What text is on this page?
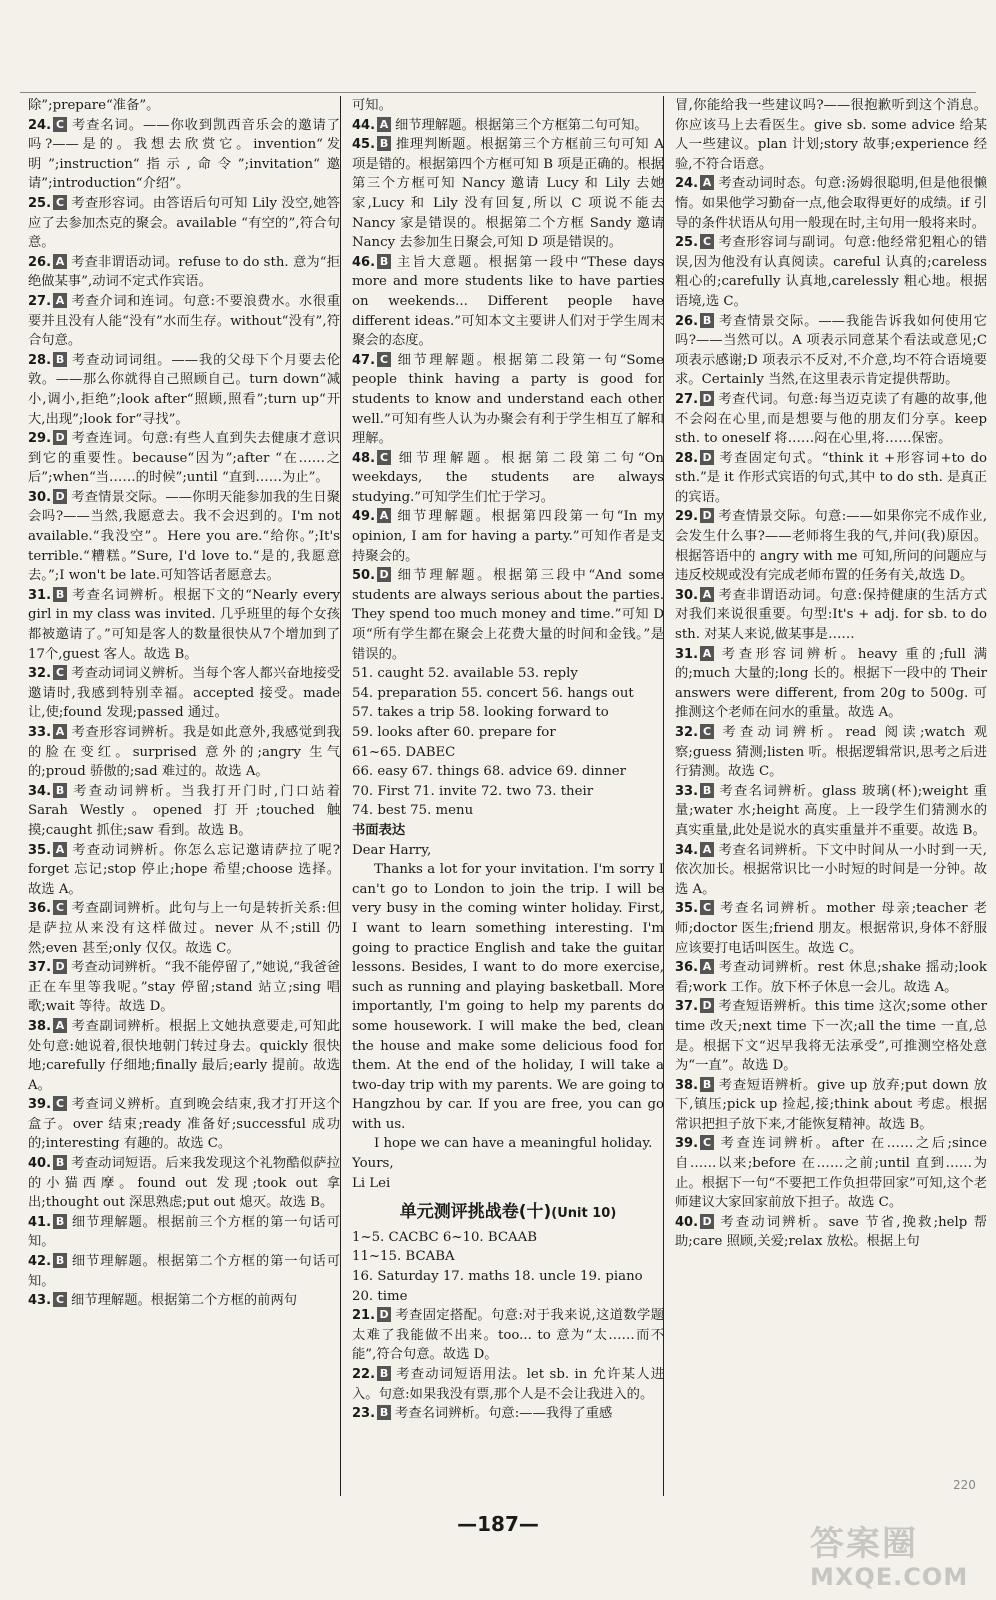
除”;prepare“准备”。

24. C 考查名词。——你收到凯西音乐会的邀请了吗?——是的。我想去欣赏它。invention“发明”;instruction“指示,命令”;invitation“邀请”;introduction“介绍”。

25. C 考查形容词。由答语后句可知 Lily 没空,她答应了去参加杰克的聚会。available “有空的”,符合句意。

26. A 考查非谓语动词。refuse to do sth. 意为“拒绝做某事”,动词不定式作宾语。

27. A 考查介词和连词。句意:不要浪费水。水很重要并且没有人能“没有”水而生存。without“没有”,符合句意。

28. B 考查动词词组。——我的父母下个月要去伦敦。——那么你就得自己照顾自己。turn down“减小,调小,拒绝”;look after“照顾,照看”;turn up“开大,出现”;look for“寻找”。

29. D 考查连词。句意:有些人直到失去健康才意识到它的重要性。because“因为”;after “在……之后”;when“当……的时候”;until “直到……为止”。

30. D 考查情景交际。——你明天能参加我的生日聚会吗?——当然,我愿意去。我不会迟到的。I'm not available.“我没空”。Here you are.“给你。”;It's terrible.“糟糕。”Sure, I'd love to.“是的,我愿意去。”;I won't be late.可知答话者愿意去。

31. B 考查名词辨析。根据下文的“Nearly every girl in my class was invited. 几乎班里的每个女孩都被邀请了。”可知是客人的数量很快从7个增加到了17个,guest 客人。故选 B。

32. C 考查动词词义辨析。当每个客人都兴奋地接受邀请时,我感到特别幸福。accepted 接受。made 让,使;found 发现;passed 通过。

33. A 考查形容词辨析。我是如此意外,我感觉到我的脸在变红。surprised 意外的;angry 生气的;proud 骄傲的;sad 难过的。故选 A。

34. B 考查动词辨析。当我打开门时,门口站着 Sarah Westly。opened 打开;touched 触摸;caught 抓住;saw 看到。故选 B。

35. A 考查动词辨析。你怎么忘记邀请萨拉了呢? forget 忘记;stop 停止;hope 希望;choose 选择。故选 A。

36. C 考查副词辨析。此句与上一句是转折关系:但是萨拉从来没有这样做过。never 从不;still 仍然;even 甚至;only 仅仅。故选 C。

37. D 考查动词辨析。“我不能停留了,”她说,“我爸爸正在车里等我呢。”stay 停留;stand 站立;sing 唱歌;wait 等待。故选 D。

38. A 考查副词辨析。根据上文她执意要走,可知此处句意:她说着,很快地朝门转过身去。quickly 很快地;carefully 仔细地;finally 最后;early 提前。故选 A。

39. C 考查词义辨析。直到晚会结束,我才打开这个盒子。over 结束;ready 准备好;successful 成功的;interesting 有趣的。故选 C。

40. B 考查动词短语。后来我发现这个礼物酷似萨拉的小猫西摩。found out 发现;took out 拿出;thought out 深思熟虑;put out 熄灭。故选 B。

41. B 细节理解题。根据前三个方框的第一句话可知。

42. B 细节理解题。根据第二个方框的第一句话可知。

43. C 细节理解题。根据第二个方框的前两句

可知。

44. A 细节理解题。根据第三个方框第二句可知。

45. B 推理判断题。根据第三个方框前三句可知 A 项是错的。根据第四个方框可知 B 项是正确的。根据第三个方框可知 Nancy 邀请 Lucy 和 Lily 去她家,Lucy 和 Lily 没有回复,所以 C 项说不能去 Nancy 家是错误的。根据第二个方框 Sandy 邀请 Nancy 去参加生日聚会,可知 D 项是错误的。

46. B 主旨大意题。根据第一段中“These days more and more students like to have parties on weekends... Different people have different ideas.”可知本文主要讲人们对于学生周末聚会的态度。

47. C 细节理解题。根据第二段第一句“Some people think having a party is good for students to know and understand each other well.”可知有些人认为办聚会有利于学生相互了解和理解。

48. C 细节理解题。根据第二段第二句“On weekdays, the students are always studying.”可知学生们忙于学习。

49. A 细节理解题。根据第四段第一句“In my opinion, I am for having a party.”可知作者是支持聚会的。

50. D 细节理解题。根据第三段中“And some students are always serious about the parties. They spend too much money and time.”可知 D 项“所有学生都在聚会上花费大量的时间和金钱。”是错误的。

51. caught 52. available 53. reply

54. preparation 55. concert 56. hangs out

57. takes a trip 58. looking forward to

59. looks after 60. prepare for

61~65. DABEC

66. easy 67. things 68. advice 69. dinner

70. First 71. invite 72. two 73. their

74. best 75. menu

书面表达

Dear Harry,

Thanks a lot for your invitation. I'm sorry I can't go to London to join the trip. I will be very busy in the coming winter holiday. First, I want to learn something interesting. I'm going to practice English and take the guitar lessons. Besides, I want to do more exercise, such as running and playing basketball. More importantly, I'm going to help my parents do some housework. I will make the bed, clean the house and make some delicious food for them. At the end of the holiday, I will take a two-day trip with my parents. We are going to Hangzhou by car. If you are free, you can go with us.

I hope we can have a meaningful holiday.

Yours,

Li Lei

单元测评挑战卷(十)(Unit 10)

1~5. CACBC 6~10. BCAAB

11~15. BCABA

16. Saturday 17. maths 18. uncle 19. piano

20. time

21. D 考查固定搭配。句意:对于我来说,这道数学题太难了我能做不出来。too... to 意为“太……而不能”,符合句意。故选 D。

22. B 考查动词短语用法。let sb. in 允许某人进入。句意:如果我没有票,那个人是不会让我进入的。

23. B 考查名词辨析。句意:——我得了重感

冒,你能给我一些建议吗?——很抱歉听到这个消息。你应该马上去看医生。give sb. some advice 给某人一些建议。plan 计划;story 故事;experience 经验,不符合语意。

24. A 考查动词时态。句意:汤姆很聪明,但是他很懒惰。如果他学习勤奋一点,他会取得更好的成绩。if 引导的条件状语从句用一般现在时,主句用一般将来时。

25. C 考查形容词与副词。句意:他经常犯粗心的错误,因为他没有认真阅读。careful 认真的;careless 粗心的;carefully 认真地,carelessly 粗心地。根据语境,选 C。

26. B 考查情景交际。——我能告诉我如何使用它吗?——当然可以。A 项表示同意某个看法或意见;C 项表示感谢;D 项表示不反对,不介意,均不符合语境要求。Certainly 当然,在这里表示肯定提供帮助。

27. D 考查代词。句意:每当迈克读了有趣的故事,他不会闷在心里,而是想要与他的朋友们分享。keep sth. to oneself 将……闷在心里,将……保密。

28. D 考查固定句式。“think it +形容词+to do sth.”是 it 作形式宾语的句式,其中 to do sth. 是真正的宾语。

29. D 考查情景交际。句意:——如果你完不成作业,会发生什么事?——老师将生我的气,并问(我)原因。根据答语中的 angry with me 可知,所问的问题应与违反校规或没有完成老师布置的任务有关,故选 D。

30. A 考查非谓语动词。句意:保持健康的生活方式对我们来说很重要。句型:It's + adj. for sb. to do sth. 对某人来说,做某事是……

31. A 考查形容词辨析。heavy 重的;full 满的;much 大量的;long 长的。根据下一段中的 Their answers were different, from 20g to 500g. 可推测这个老师在问水的重量。故选 A。

32. C 考查动词辨析。read 阅读;watch 观察;guess 猜测;listen 听。根据逻辑常识,思考之后进行猜测。故选 C。

33. B 考查名词辨析。glass 玻璃(杯);weight 重量;water 水;height 高度。上一段学生们猜测水的真实重量,此处是说水的真实重量并不重要。故选 B。

34. A 考查名词辨析。下文中时间从一小时到一天,依次加长。根据常识比一小时短的时间是一分钟。故选 A。

35. C 考查名词辨析。mother 母亲;teacher 老师;doctor 医生;friend 朋友。根据常识,身体不舒服应该要打电话叫医生。故选 C。

36. A 考查动词辨析。rest 休息;shake 摇动;look 看;work 工作。放下杯子休息一会儿。故选 A。

37. D 考查短语辨析。this time 这次;some other time 改天;next time 下一次;all the time 一直,总是。根据下文“迟早我将无法承受”,可推测空格处意为“一直”。故选 D。

38. B 考查短语辨析。give up 放弃;put down 放下,镇压;pick up 捡起,接;think about 考虑。根据常识把担子放下来,才能恢复精神。故选 B。

39. C 考查连词辨析。after 在……之后;since 自……以来;before 在……之前;until 直到……为止。根据下一句“不要把工作负担带回家”可知,这个老师建议大家回家前放下担子。故选 C。

40. D 考查动词辨析。save 节省,挽救;help 帮助;care 照顾,关爱;relax 放松。根据上句

220
—187—	答案圈
MXQE.COM
